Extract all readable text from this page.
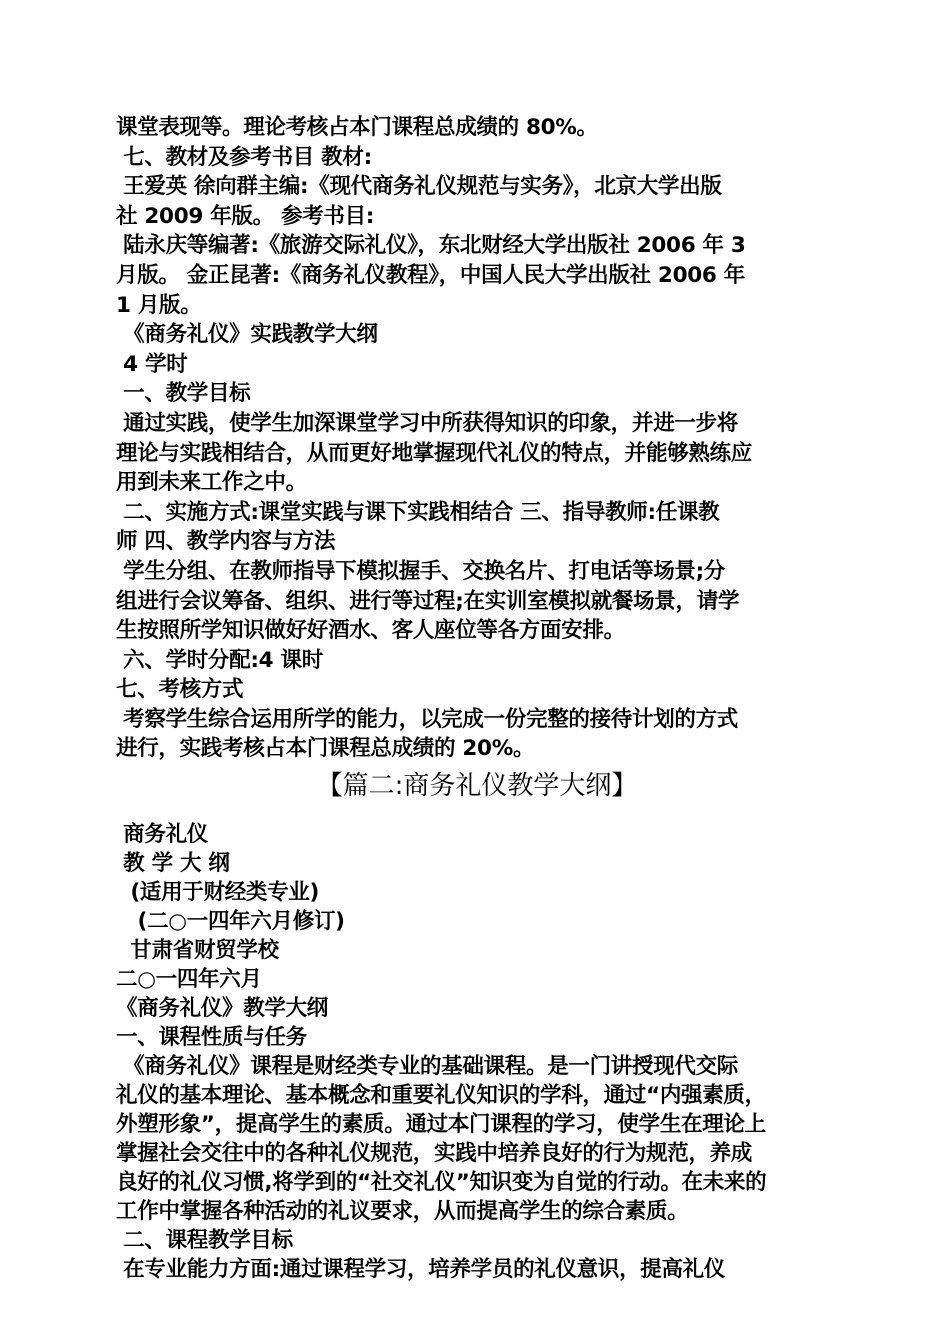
课堂表现等。理论考核占本门课程总成绩的 80%。
七、教材及参考书目 教材:
王爱英 徐向群主编:《现代商务礼仪规范与实务》，北京大学出版
社 2009 年版。 参考书目:
陆永庆等编著:《旅游交际礼仪》，东北财经大学出版社 2006 年 3
月版。 金正昆著:《商务礼仪教程》，中国人民大学出版社 2006 年
1 月版。
《商务礼仪》实践教学大纲
4 学时
一、教学目标
通过实践，使学生加深课堂学习中所获得知识的印象，并进一步将
理论与实践相结合，从而更好地掌握现代礼仪的特点，并能够熟练应
用到未来工作之中。
二、实施方式:课堂实践与课下实践相结合 三、指导教师:任课教
师 四、教学内容与方法
学生分组、在教师指导下模拟握手、交换名片、打电话等场景;分
组进行会议筹备、组织、进行等过程;在实训室模拟就餐场景，请学
生按照所学知识做好好酒水、客人座位等各方面安排。
六、学时分配:4 课时
七、考核方式
考察学生综合运用所学的能力，以完成一份完整的接待计划的方式
进行，实践考核占本门课程总成绩的 20%。
【篇二:商务礼仪教学大纲】
商务礼仪
教 学 大 纲
(适用于财经类专业)
(二○一四年六月修订)
甘肃省财贸学校
二○一四年六月
《商务礼仪》教学大纲
一、课程性质与任务
《商务礼仪》课程是财经类专业的基础课程。是一门讲授现代交际
礼仪的基本理论、基本概念和重要礼仪知识的学科，通过“内强素质，
外塑形象”，提高学生的素质。通过本门课程的学习，使学生在理论上
掌握社会交往中的各种礼仪规范，实践中培养良好的行为规范，养成
良好的礼仪习惯,将学到的“社交礼仪”知识变为自觉的行动。在未来的
工作中掌握各种活动的礼议要求，从而提高学生的综合素质。
二、课程教学目标
在专业能力方面:通过课程学习，培养学员的礼仪意识，提高礼仪
